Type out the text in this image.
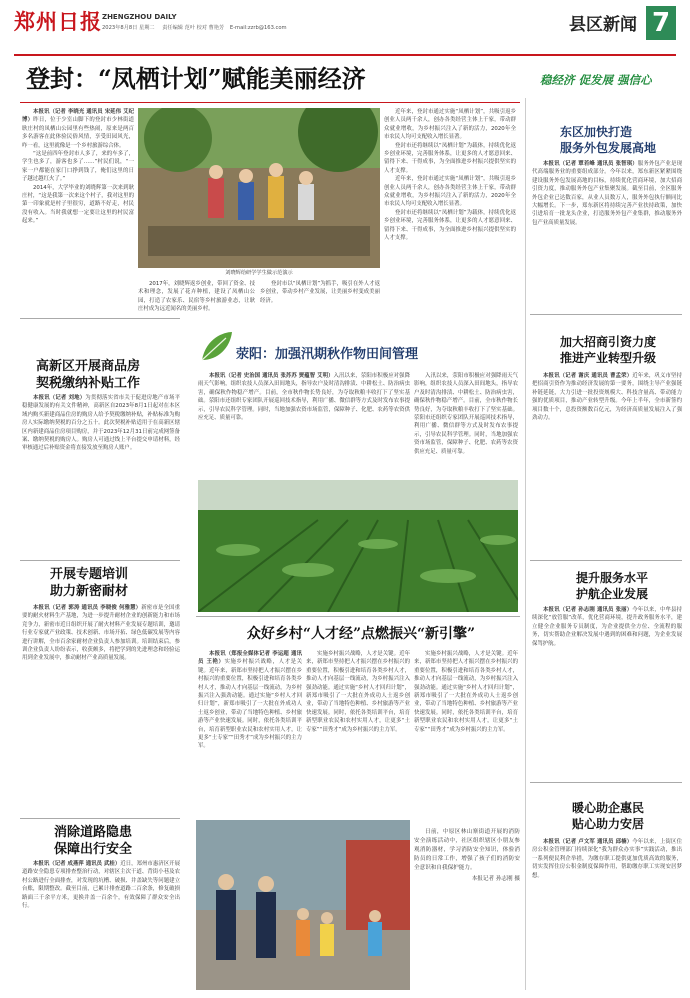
郑州日报 ZHENGZHOU DAILY
2023年8月8日 星期二 责任编辑 范叶 校对 曹艳芳 E-mail:zzrb@163.com	县区新闻 7
登封：“凤栖计划”赋能美丽经济	稳经济 促发展 强信心

本报讯（记者 李晓光 通讯员 宋延伟 艾纪博）昨日，位于少室山脚下的登封市少林街道耿庄村的凤栖山公园里有些热闹，原来是两百多名游客在此体验民俗风情，享受田园风光，咋一看，这里就像是一个乡村旅游综合体。

“这是前四年登封市人多了，来的车多了，学生也多了，游客也多了……”村民们说，“一家一户都能在家门口挣到钱了，俺们这里的日子越过越红火了。”

2014年，大学毕业的刘晓辉第一次来到耿庄村，“这是我第一次来这个村子，我对这里的第一印象就是村子里很穷，道路不好走，村民没有收入。当时我就想一定要让这里的村民富起来。”

刘晓辉给研学学生做示范演示

2017年，刘晓辉返乡创业，带回了资金、技术和理念，发展了花卉种植，建设了凤栖山公园，打造了农家乐、民宿等乡村旅游业态，让耿庄村成为远近闻名的美丽乡村。

登封市以“凤栖计划”为抓手，吸引在外人才返乡创业，带动乡村产业发展，让美丽乡村变成美丽经济。

近年来，登封市通过实施“凤栖计划”，共吸引返乡创业人员两千余人，创办各类经营主体上千家，带动群众就业增收，为乡村振兴注入了新的活力，2020年全市农民人均可支配收入增长显著。

登封市还将继续以“凤栖计划”为载体，持续优化返乡创业环境，完善服务体系，让更多的人才愿意回来、留得下来、干得成事，为全面推进乡村振兴提供坚实的人才支撑。

近年来，登封市通过实施“凤栖计划”，共吸引返乡创业人员两千余人，创办各类经营主体上千家，带动群众就业增收，为乡村振兴注入了新的活力，2020年全市农民人均可支配收入增长显著。

登封市还将继续以“凤栖计划”为载体，持续优化返乡创业环境，完善服务体系，让更多的人才愿意回来、留得下来、干得成事，为全面推进乡村振兴提供坚实的人才支撑。

高新区开展商品房
契税缴纳补贴工作

本报讯（记者 刘地）为贯彻落实省市关于促进房地产市场平稳健康发展的有关文件精神，高新区自2023年8月1日起对在本区域内购买新建商品住房的购房人给予契税缴纳补贴，补贴标准为购房人实际缴纳契税的百分之五十。此次契税补贴适用于在高新区辖区内新建商品住房项目购房，并于2023年12月31日前完成网签备案、缴纳契税的购房人。购房人可通过线上平台提交申请材料，经审核通过后补贴资金将直接发放至购房人账户。

开展专题培训
助力新密耐材

本报讯（记者 郭涛 通讯员 李晓俊 何雅慧）新密市是全国重要的耐火材料生产基地，为进一步提升耐材企业的创新能力和市场竞争力，新密市近日组织开展了耐火材料产业发展专题培训，邀请行业专家就产业政策、技术创新、市场开拓、绿色低碳发展等内容进行讲解，全市百余家耐材企业负责人参加培训。培训结束后，参训企业负责人纷纷表示，收获颇多，将把学到的先进理念和经验运用到企业发展中，推动耐材产业高质量发展。

消除道路隐患
保障出行安全

本报讯（记者 成燕萍 通讯员 武桂）近日，郑州市惠济区开展道路安全隐患专项排查整治行动，对辖区主次干道、背街小巷及农村公路进行全面排查，对发现的坑槽、破损、井盖缺失等问题建立台账，限期整改。截至目前，已累计排查道路二百余条，修复破损路面三千余平方米，更换井盖一百余个，有效保障了群众安全出行。

荥阳：加强汛期秋作物田间管理

本报讯（记者 史治国 通讯员 张苏苏 贾蕴智 艾明）入汛以来，荥阳市积极应对强降雨天气影响，组织农技人员深入田间地头，指导农户及时清沟排渍、中耕松土、防治病虫害，确保秋作物稳产增产。目前，全市秋作物长势良好，为夺取秋粮丰收打下了坚实基础。荥阳市还组织专家团队开展巡回技术指导，利用广播、微信群等方式及时发布农事提示，引导农民科学管理。同时，当地加强农资市场监管，保障种子、化肥、农药等农资供应充足、质量可靠。

入汛以来，荥阳市积极应对强降雨天气影响，组织农技人员深入田间地头，指导农户及时清沟排渍、中耕松土、防治病虫害，确保秋作物稳产增产。目前，全市秋作物长势良好，为夺取秋粮丰收打下了坚实基础。荥阳市还组织专家团队开展巡回技术指导，利用广播、微信群等方式及时发布农事提示，引导农民科学管理。同时，当地加强农资市场监管，保障种子、化肥、农药等农资供应充足、质量可靠。

众好乡村“人才经”点燃振兴“新引擎”

本报讯（郑报全媒体记者 李运超 通讯员 王艳）实施乡村振兴战略，人才是关键。近年来，新郑市坚持把人才振兴摆在乡村振兴的重要位置，积极引进和培育各类乡村人才，推动人才向基层一线流动，为乡村振兴注入强劲动能。通过实施“乡村人才回归计划”，新郑市吸引了一大批在外成功人士返乡创业，带动了当地特色种植、乡村旅游等产业快速发展。同时，依托各类培训平台，培育新型职业农民和农村实用人才，让更多“土专家”“田秀才”成为乡村振兴的主力军。

实施乡村振兴战略，人才是关键。近年来，新郑市坚持把人才振兴摆在乡村振兴的重要位置，积极引进和培育各类乡村人才，推动人才向基层一线流动，为乡村振兴注入强劲动能。通过实施“乡村人才回归计划”，新郑市吸引了一大批在外成功人士返乡创业，带动了当地特色种植、乡村旅游等产业快速发展。同时，依托各类培训平台，培育新型职业农民和农村实用人才，让更多“土专家”“田秀才”成为乡村振兴的主力军。

实施乡村振兴战略，人才是关键。近年来，新郑市坚持把人才振兴摆在乡村振兴的重要位置，积极引进和培育各类乡村人才，推动人才向基层一线流动，为乡村振兴注入强劲动能。通过实施“乡村人才回归计划”，新郑市吸引了一大批在外成功人士返乡创业，带动了当地特色种植、乡村旅游等产业快速发展。同时，依托各类培训平台，培育新型职业农民和农村实用人才，让更多“土专家”“田秀才”成为乡村振兴的主力军。

日前，中原区林山寨街道开展的消防安全演练活动中，社区组织辖区小朋友参观消防器材，学习消防安全知识，体验消防员的日常工作，增强了孩子们的消防安全意识和自我保护能力。
本报记者 孙志刚 摄
东区加快打造
服务外包发展高地

本报讯（记者 覃若峰 通讯员 张智琪）服务外包产业是现代高端服务业的重要组成部分。今年以来，郑东新区紧紧围绕建设服务外包发展高地的目标，持续优化营商环境，加大招商引资力度，推动服务外包产业集聚发展。截至目前，全区服务外包企业已达数百家，从业人员数万人，服务外包执行额同比大幅增长。下一步，郑东新区将持续完善产业扶持政策，加快引进培育一批龙头企业，打造服务外包产业集群，推动服务外包产业高质量发展。

加大招商引资力度
推进产业转型升级

本报讯（记者 谢庆 通讯员 曹孟荣）近年来，巩义市坚持把招商引资作为推动经济发展的第一要务，围绕主导产业强链补链延链，大力引进一批投资规模大、科技含量高、带动能力强的优质项目，推动产业转型升级。今年上半年，全市新签约项目数十个，总投资额数百亿元，为经济高质量发展注入了强劲动力。

提升服务水平
护航企业发展

本报讯（记者 孙志刚 通讯员 张丽）今年以来，中牟县持续深化“放管服”改革，优化营商环境，提升政务服务水平，建立健全企业服务专员制度，为企业提供全方位、全流程的服务，切实帮助企业解决发展中遇到的困难和问题，为企业发展保驾护航。

暖心助企惠民
贴心助力安居

本报讯（记者 卢文军 通讯员 邱楠）今年以来，上街区住房公积金管理部门持续深化“我为群众办实事”实践活动，推出一系列便民利企举措，为缴存职工提供更加优质高效的服务，切实发挥住房公积金制度保障作用，帮助缴存职工实现安居梦想。
